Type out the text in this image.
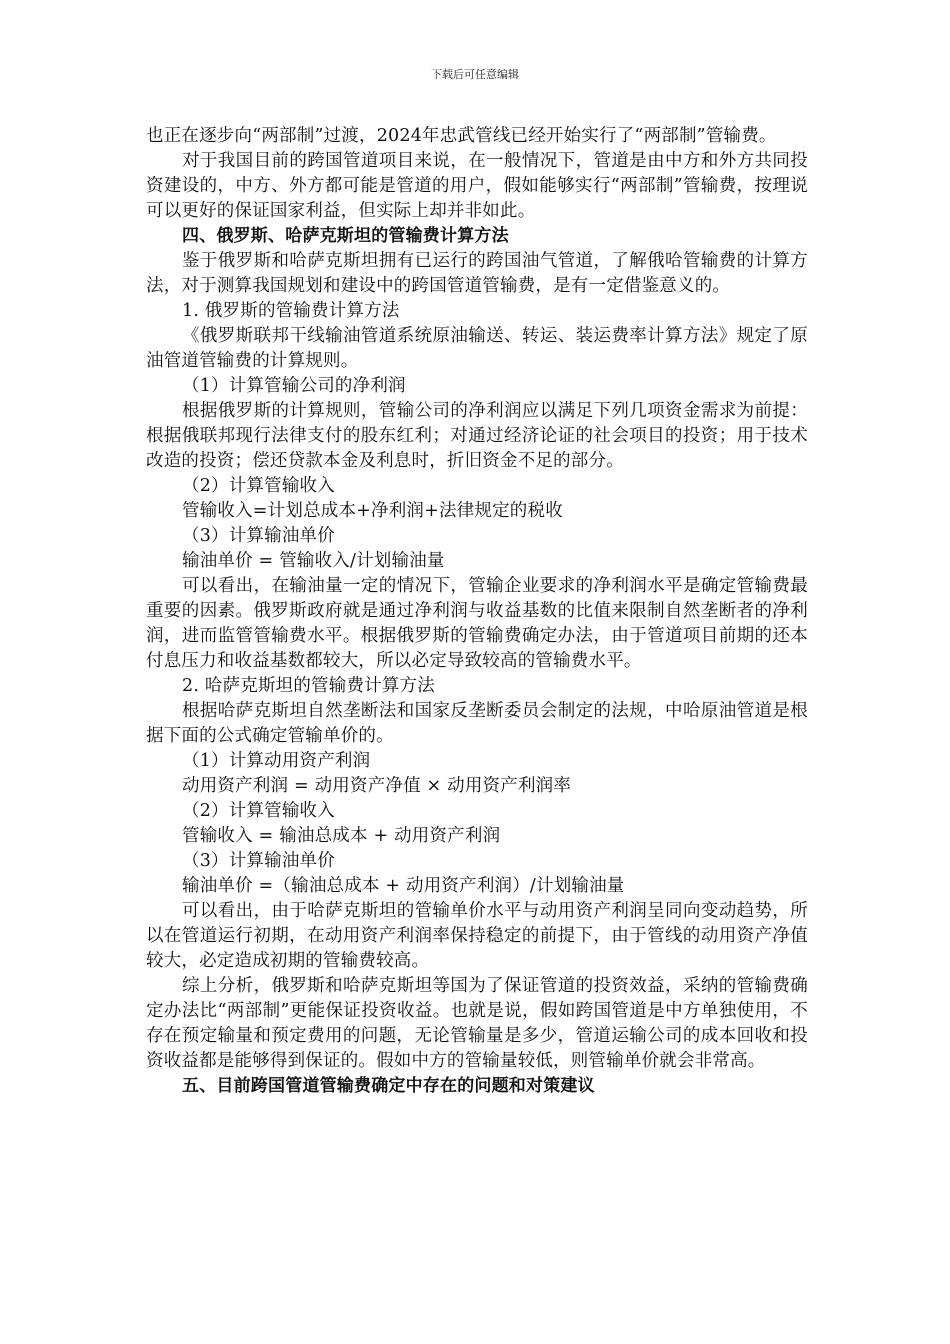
下载后可任意编辑

也正在逐步向“两部制”过渡，2024年忠武管线已经开始实行了“两部制”管输费。

对于我国目前的跨国管道项目来说，在一般情况下，管道是由中方和外方共同投资建设的，中方、外方都可能是管道的用户，假如能够实行“两部制”管输费，按理说可以更好的保证国家利益，但实际上却并非如此。

四、俄罗斯、哈萨克斯坦的管输费计算方法

鉴于俄罗斯和哈萨克斯坦拥有已运行的跨国油气管道，了解俄哈管输费的计算方法，对于测算我国规划和建设中的跨国管道管输费，是有一定借鉴意义的。

1. 俄罗斯的管输费计算方法

《俄罗斯联邦干线输油管道系统原油输送、转运、装运费率计算方法》规定了原油管道管输费的计算规则。

（1）计算管输公司的净利润

根据俄罗斯的计算规则，管输公司的净利润应以满足下列几项资金需求为前提：根据俄联邦现行法律支付的股东红利；对通过经济论证的社会项目的投资；用于技术改造的投资；偿还贷款本金及利息时，折旧资金不足的部分。

（2）计算管输收入

管输收入=计划总成本+净利润+法律规定的税收

（3）计算输油单价

输油单价 = 管输收入/计划输油量

可以看出，在输油量一定的情况下，管输企业要求的净利润水平是确定管输费最重要的因素。俄罗斯政府就是通过净利润与收益基数的比值来限制自然垄断者的净利润，进而监管管输费水平。根据俄罗斯的管输费确定办法，由于管道项目前期的还本付息压力和收益基数都较大，所以必定导致较高的管输费水平。

2. 哈萨克斯坦的管输费计算方法

根据哈萨克斯坦自然垄断法和国家反垄断委员会制定的法规，中哈原油管道是根据下面的公式确定管输单价的。

（1）计算动用资产利润

动用资产利润 = 动用资产净值 × 动用资产利润率

（2）计算管输收入

管输收入 = 输油总成本 + 动用资产利润

（3）计算输油单价

输油单价 =（输油总成本 + 动用资产利润）/计划输油量

可以看出，由于哈萨克斯坦的管输单价水平与动用资产利润呈同向变动趋势，所以在管道运行初期，在动用资产利润率保持稳定的前提下，由于管线的动用资产净值较大，必定造成初期的管输费较高。

综上分析，俄罗斯和哈萨克斯坦等国为了保证管道的投资效益，采纳的管输费确定办法比“两部制”更能保证投资收益。也就是说，假如跨国管道是中方单独使用，不存在预定输量和预定费用的问题，无论管输量是多少，管道运输公司的成本回收和投资收益都是能够得到保证的。假如中方的管输量较低，则管输单价就会非常高。

五、目前跨国管道管输费确定中存在的问题和对策建议
